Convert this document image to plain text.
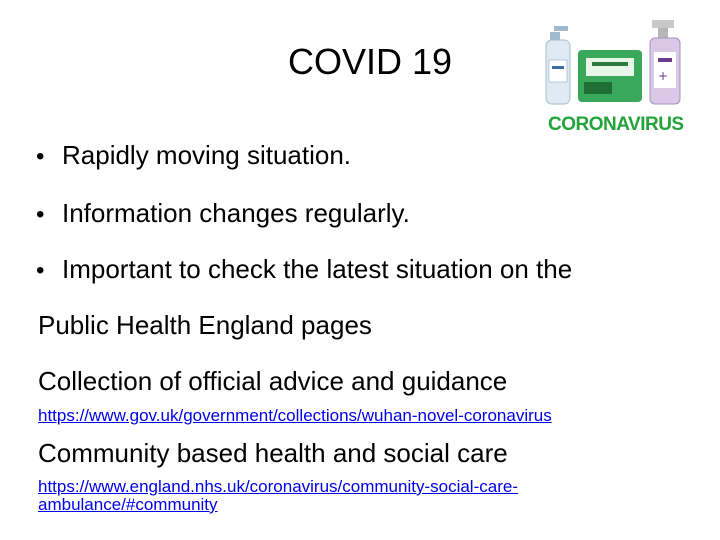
COVID 19
• Rapidly moving situation.
• Information changes regularly.
• Important to check the latest situation on the
Public Health England pages
Collection of official advice and guidance
https://www.gov.uk/government/collections/wuhan-novel-coronavirus
Community based health and social care
https://www.england.nhs.uk/coronavirus/community-social-care-ambulance/#community
+
CORONAVIRUS
